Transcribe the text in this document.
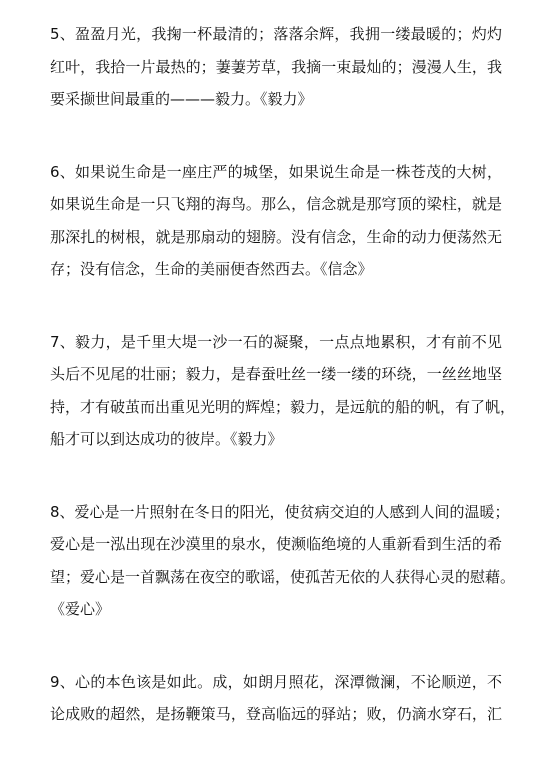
5、盈盈月光，我掬一杯最清的；落落余辉，我拥一缕最暖的；灼灼
红叶，我拾一片最热的；萋萋芳草，我摘一束最灿的；漫漫人生，我
要采撷世间最重的———毅力。《毅力》
6、如果说生命是一座庄严的城堡，如果说生命是一株苍茂的大树，
如果说生命是一只飞翔的海鸟。那么，信念就是那穹顶的梁柱，就是
那深扎的树根，就是那扇动的翅膀。没有信念，生命的动力便荡然无
存；没有信念，生命的美丽便杳然西去。《信念》
7、毅力，是千里大堤一沙一石的凝聚，一点点地累积，才有前不见
头后不见尾的壮丽；毅力，是春蚕吐丝一缕一缕的环绕，一丝丝地坚
持，才有破茧而出重见光明的辉煌；毅力，是远航的船的帆，有了帆，
船才可以到达成功的彼岸。《毅力》
8、爱心是一片照射在冬日的阳光，使贫病交迫的人感到人间的温暖；
爱心是一泓出现在沙漠里的泉水，使濒临绝境的人重新看到生活的希
望；爱心是一首飘荡在夜空的歌谣，使孤苦无依的人获得心灵的慰藉。
《爱心》
9、心的本色该是如此。成，如朗月照花，深潭微澜，不论顺逆，不
论成败的超然，是扬鞭策马，登高临远的驿站；败，仍滴水穿石，汇
